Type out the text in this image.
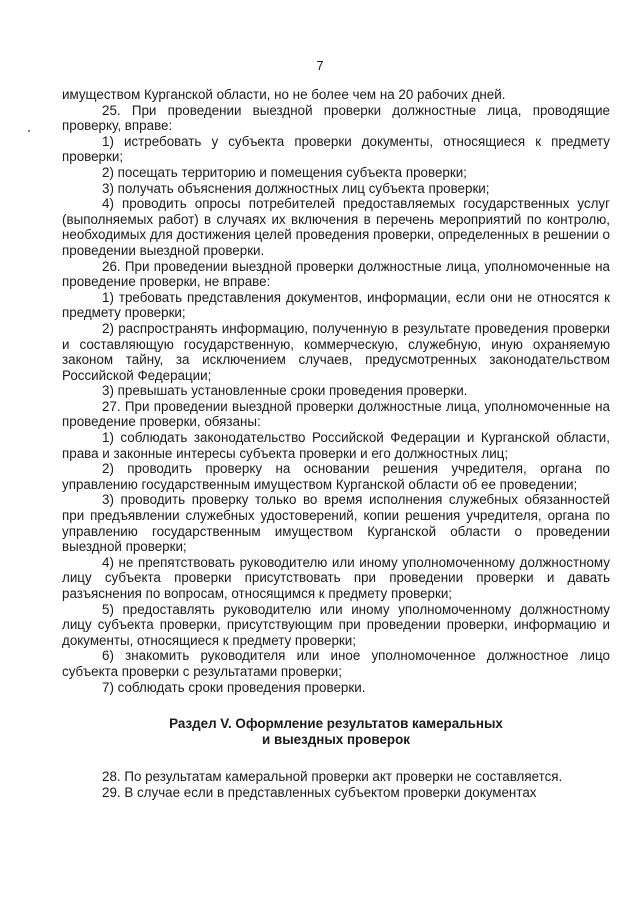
7

имуществом Курганской области, но не более чем на 20 рабочих дней.

25. При проведении выездной проверки должностные лица, проводящие проверку, вправе:

1) истребовать у субъекта проверки документы, относящиеся к предмету проверки;

2) посещать территорию и помещения субъекта проверки;

3) получать объяснения должностных лиц субъекта проверки;

4) проводить опросы потребителей предоставляемых государственных услуг (выполняемых работ) в случаях их включения в перечень мероприятий по контролю, необходимых для достижения целей проведения проверки, определенных в решении о проведении выездной проверки.

26. При проведении выездной проверки должностные лица, уполномоченные на проведение проверки, не вправе:

1) требовать представления документов, информации, если они не относятся к предмету проверки;

2) распространять информацию, полученную в результате проведения проверки и составляющую государственную, коммерческую, служебную, иную охраняемую законом тайну, за исключением случаев, предусмотренных законодательством Российской Федерации;

3) превышать установленные сроки проведения проверки.

27. При проведении выездной проверки должностные лица, уполномоченные на проведение проверки, обязаны:

1) соблюдать законодательство Российской Федерации и Курганской области, права и законные интересы субъекта проверки и его должностных лиц;

2) проводить проверку на основании решения учредителя, органа по управлению государственным имуществом Курганской области об ее проведении;

3) проводить проверку только во время исполнения служебных обязанностей при предъявлении служебных удостоверений, копии решения учредителя, органа по управлению государственным имуществом Курганской области о проведении выездной проверки;

4) не препятствовать руководителю или иному уполномоченному должностному лицу субъекта проверки присутствовать при проведении проверки и давать разъяснения по вопросам, относящимся к предмету проверки;

5) предоставлять руководителю или иному уполномоченному должностному лицу субъекта проверки, присутствующим при проведении проверки, информацию и документы, относящиеся к предмету проверки;

6) знакомить руководителя или иное уполномоченное должностное лицо субъекта проверки с результатами проверки;

7) соблюдать сроки проведения проверки.

Раздел V. Оформление результатов камеральных
и выездных проверок

28. По результатам камеральной проверки акт проверки не составляется.

29. В случае если в представленных субъектом проверки документах
